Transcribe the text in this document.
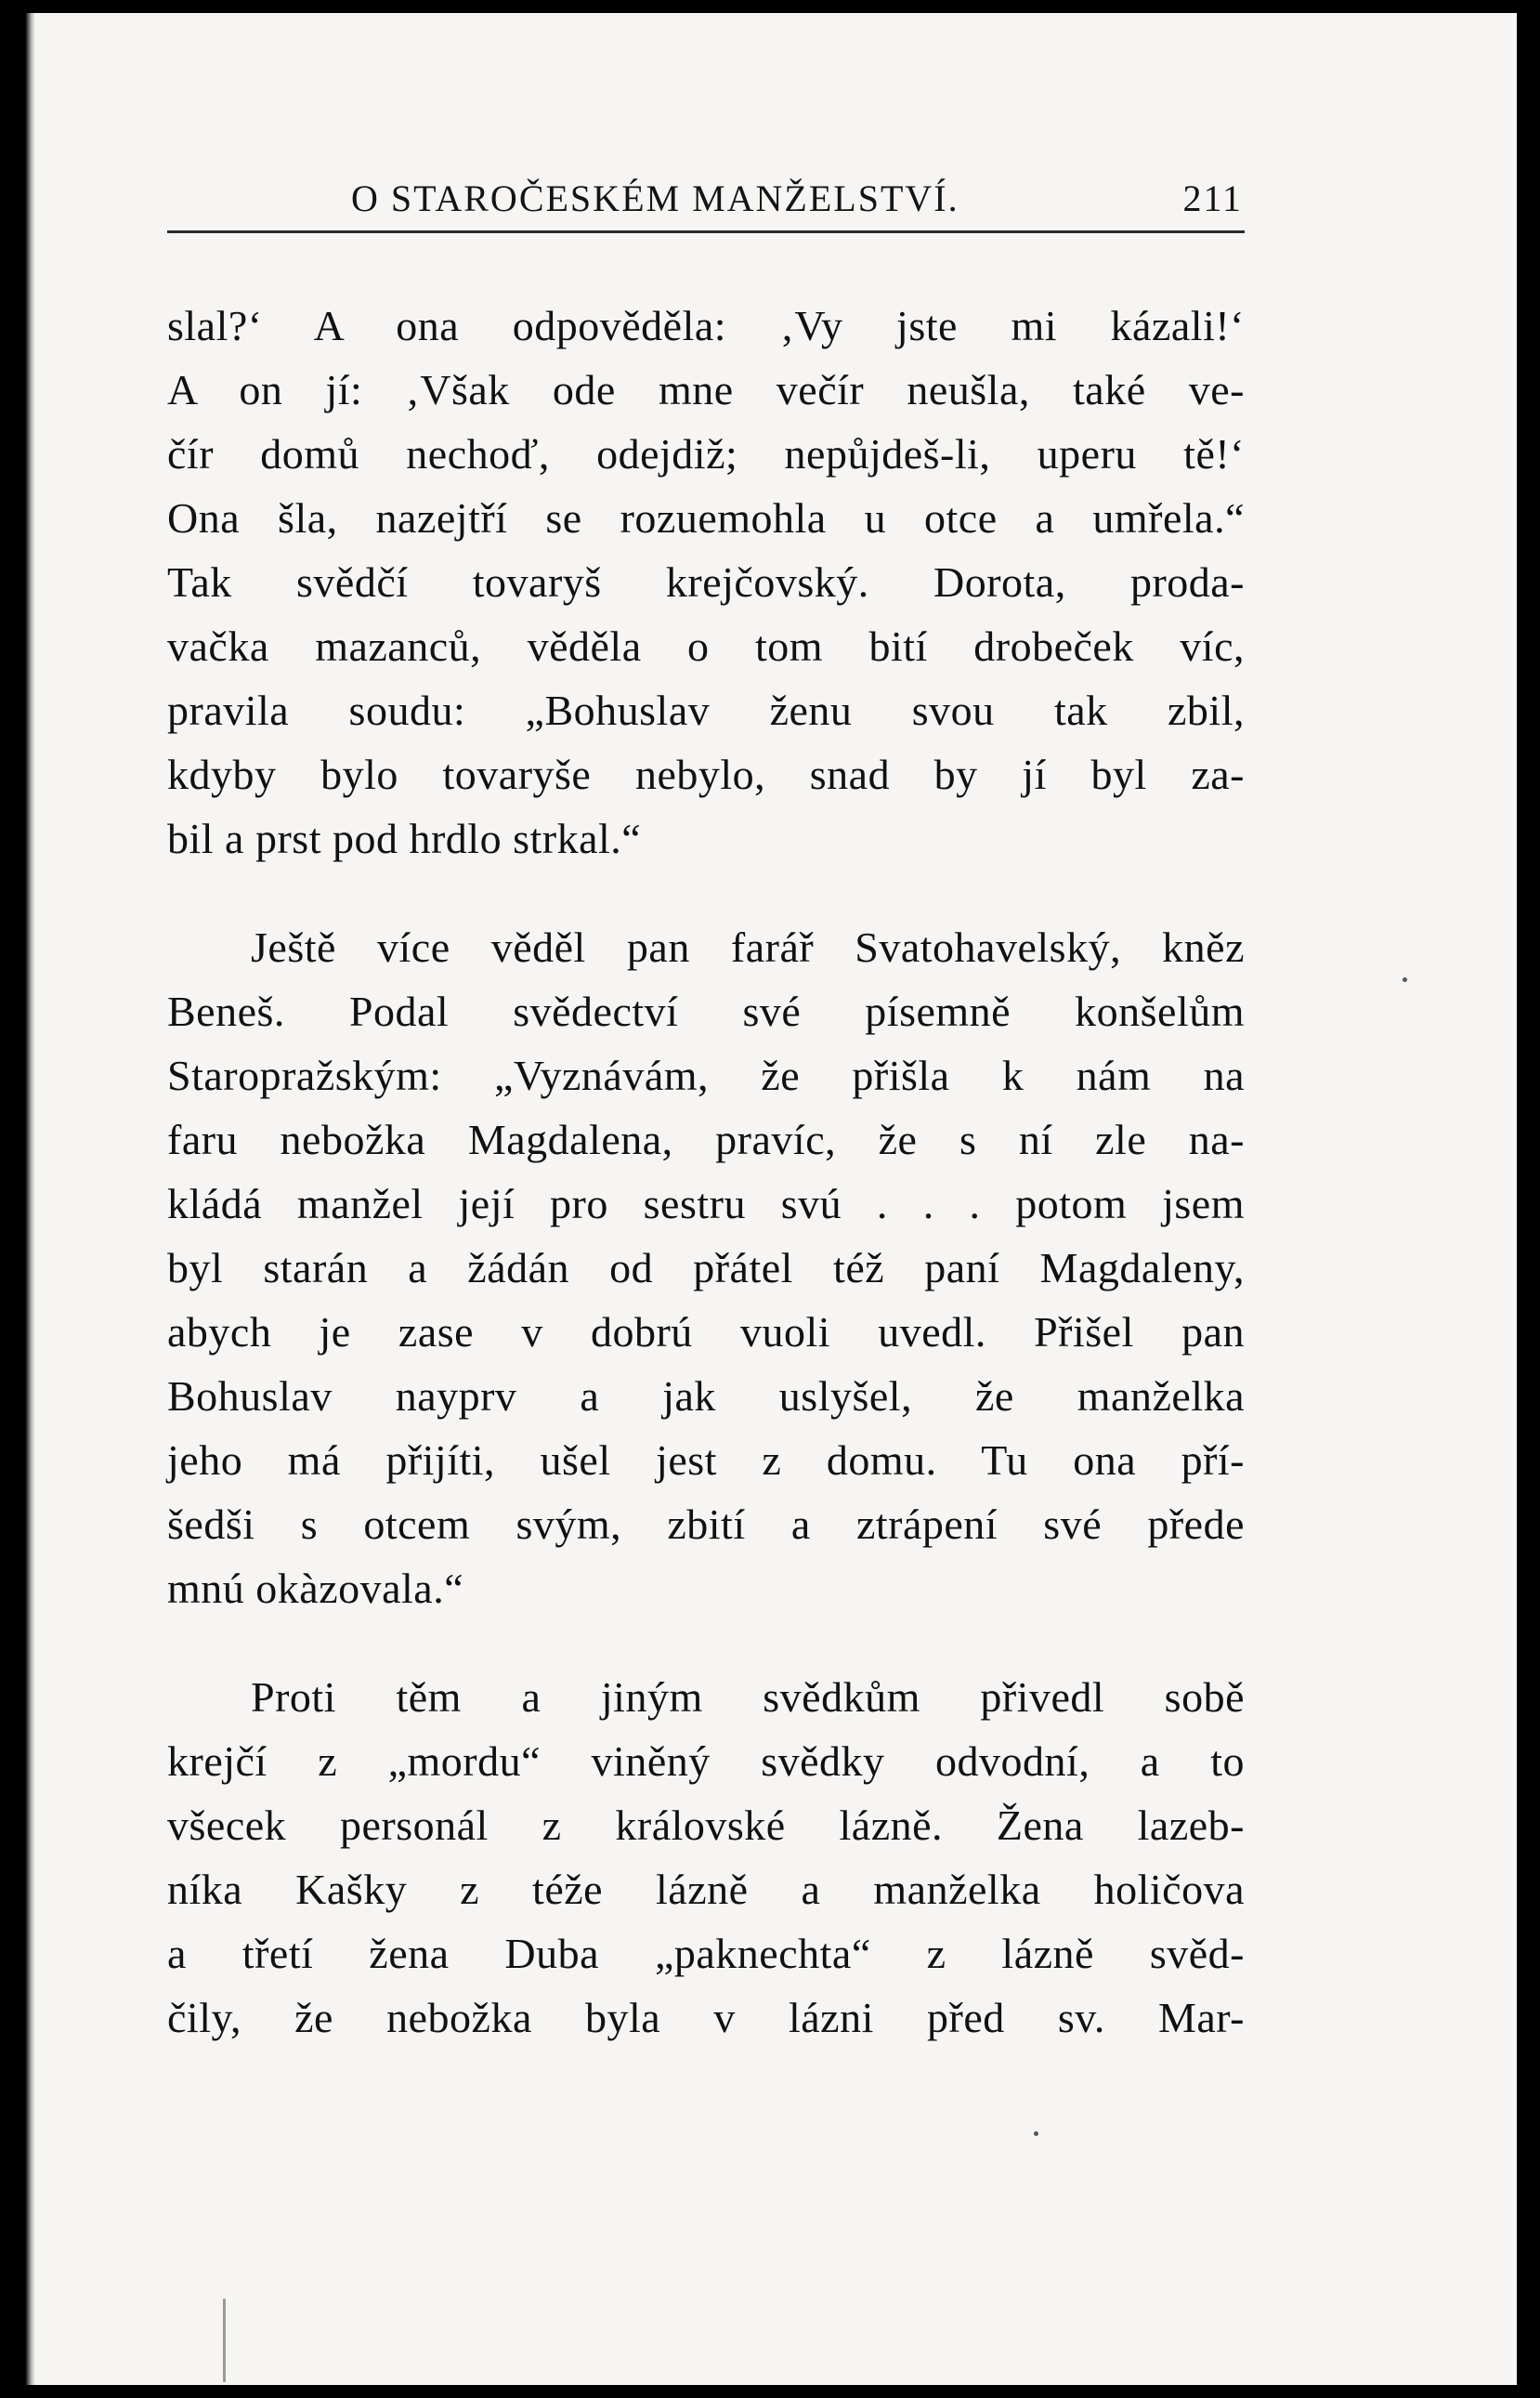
O STAROČESKÉM MANŽELSTVÍ.	211
slal?‘ A ona odpověděla: ‚Vy jste mi kázali!‘
A on jí: ‚Však ode mne večír neušla, také ve-
čír domů nechoď, odejdiž; nepůjdeš-li, uperu tě!‘
Ona šla, nazejtří se rozuemohla u otce a umřela.“
Tak svědčí tovaryš krejčovský. Dorota, proda-
vačka mazanců, věděla o tom bití drobeček víc,
pravila soudu: „Bohuslav ženu svou tak zbil,
kdyby bylo tovaryše nebylo, snad by jí byl za-
bil a prst pod hrdlo strkal.“
Ještě více věděl pan farář Svatohavelský, kněz
Beneš. Podal svědectví své písemně konšelům
Staropražským: „Vyznávám, že přišla k nám na
faru nebožka Magdalena, pravíc, že s ní zle na-
kládá manžel její pro sestru svú . . . potom jsem
byl starán a žádán od přátel též paní Magdaleny,
abych je zase v dobrú vuoli uvedl. Přišel pan
Bohuslav nayprv a jak uslyšel, že manželka
jeho má přijíti, ušel jest z domu. Tu ona pří-
šedši s otcem svým, zbití a ztrápení své přede
mnú okàzovala.“
Proti těm a jiným svědkům přivedl sobě
krejčí z „mordu“ viněný svědky odvodní, a to
všecek personál z královské lázně. Žena lazeb-
níka Kašky z téže lázně a manželka holičova
a třetí žena Duba „paknechta“ z lázně svěd-
čily, že nebožka byla v lázni před sv. Mar-
